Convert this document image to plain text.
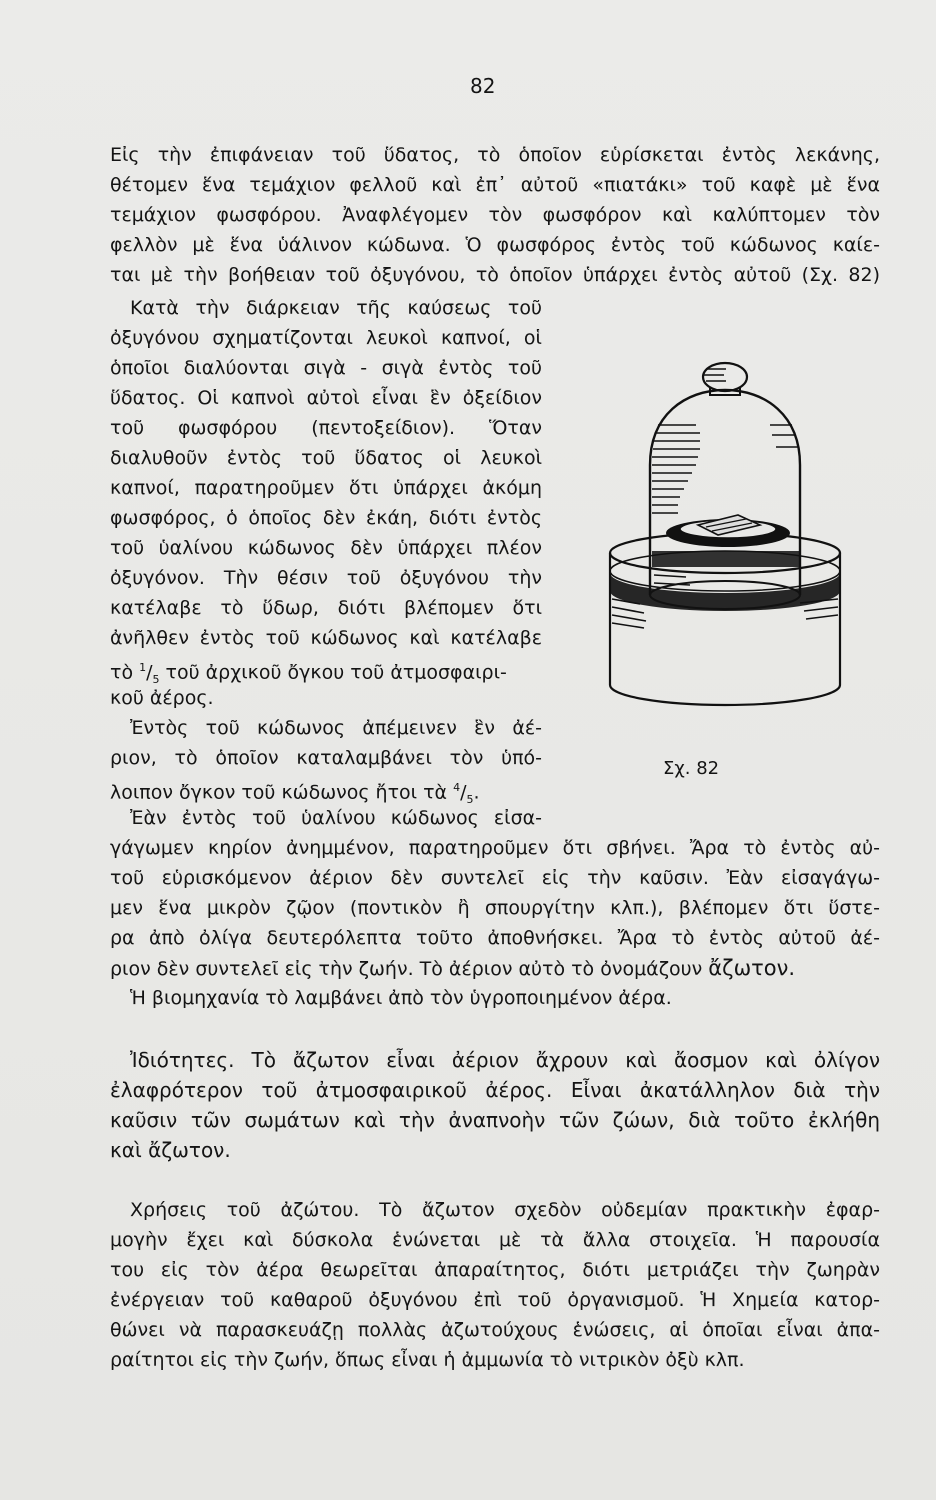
82
Εἰς τὴν ἐπιφάνειαν τοῦ ὕδατος, τὸ ὁποῖον εὑρίσκεται ἐντὸς λεκάνης,
θέτομεν ἕνα τεμάχιον φελλοῦ καὶ ἐπ᾽ αὐτοῦ «πιατάκι» τοῦ καφὲ μὲ ἕνα
τεμάχιον φωσφόρου. Ἀναφλέγομεν τὸν φωσφόρον καὶ καλύπτομεν τὸν
φελλὸν μὲ ἕνα ὑάλινον κώδωνα. Ὁ φωσφόρος ἐντὸς τοῦ κώδωνος καίε-
ται μὲ τὴν βοήθειαν τοῦ ὀξυγόνου, τὸ ὁποῖον ὑπάρχει ἐντὸς αὐτοῦ (Σχ. 82)
Κατὰ τὴν διάρκειαν τῆς καύσεως τοῦ
ὀξυγόνου σχηματίζονται λευκοὶ καπνοί, οἱ
ὁποῖοι διαλύονται σιγὰ - σιγὰ ἐντὸς τοῦ
ὕδατος. Οἱ καπνοὶ αὐτοὶ εἶναι ἓν ὀξείδιον
τοῦ φωσφόρου (πεντοξείδιον). Ὅταν
διαλυθοῦν ἐντὸς τοῦ ὕδατος οἱ λευκοὶ
καπνοί, παρατηροῦμεν ὅτι ὑπάρχει ἀκόμη
φωσφόρος, ὁ ὁποῖος δὲν ἐκάη, διότι ἐντὸς
τοῦ ὑαλίνου κώδωνος δὲν ὑπάρχει πλέον
ὀξυγόνον. Τὴν θέσιν τοῦ ὀξυγόνου τὴν
κατέλαβε τὸ ὕδωρ, διότι βλέπομεν ὅτι
ἀνῆλθεν ἐντὸς τοῦ κώδωνος καὶ κατέλαβε
τὸ $^1/_5$ τοῦ ἀρχικοῦ ὄγκου τοῦ ἀτμοσφαιρι-
κοῦ ἀέρος.
Ἐντὸς τοῦ κώδωνος ἀπέμεινεν ἓν ἀέ-
ριον, τὸ ὁποῖον καταλαμβάνει τὸν ὑπό-
λοιπον ὄγκον τοῦ κώδωνος ἤτοι τὰ $^4/_5$.
Σχ. 82
Ἐὰν ἐντὸς τοῦ ὑαλίνου κώδωνος εἰσα-
γάγωμεν κηρίον ἀνημμένον, παρατηροῦμεν ὅτι σβήνει. Ἄρα τὸ ἐντὸς αὐ-
τοῦ εὑρισκόμενον ἀέριον δὲν συντελεῖ εἰς τὴν καῦσιν. Ἐὰν εἰσαγάγω-
μεν ἕνα μικρὸν ζῷον (ποντικὸν ἢ σπουργίτην κλπ.), βλέπομεν ὅτι ὕστε-
ρα ἀπὸ ὀλίγα δευτερόλεπτα τοῦτο ἀποθνήσκει. Ἄρα τὸ ἐντὸς αὐτοῦ ἀέ-
ριον δὲν συντελεῖ εἰς τὴν ζωήν. Τὸ ἀέριον αὐτὸ τὸ ὀνομάζουν ἄζωτον.
Ἡ βιομηχανία τὸ λαμβάνει ἀπὸ τὸν ὑγροποιημένον ἀέρα.
Ἰδιότητες. Τὸ ἄζωτον εἶναι ἀέριον ἄχρουν καὶ ἄοσμον καὶ ὀλίγον
ἐλαφρότερον τοῦ ἀτμοσφαιρικοῦ ἀέρος. Εἶναι ἀκατάλληλον διὰ τὴν
καῦσιν τῶν σωμάτων καὶ τὴν ἀναπνοὴν τῶν ζώων, διὰ τοῦτο ἐκλήθη
καὶ ἄζωτον.
Χρήσεις τοῦ ἀζώτου. Τὸ ἄζωτον σχεδὸν οὐδεμίαν πρακτικὴν ἐφαρ-
μογὴν ἔχει καὶ δύσκολα ἑνώνεται μὲ τὰ ἄλλα στοιχεῖα. Ἡ παρουσία
του εἰς τὸν ἀέρα θεωρεῖται ἀπαραίτητος, διότι μετριάζει τὴν ζωηρὰν
ἐνέργειαν τοῦ καθαροῦ ὀξυγόνου ἐπὶ τοῦ ὀργανισμοῦ. Ἡ Χημεία κατορ-
θώνει νὰ παρασκευάζῃ πολλὰς ἀζωτούχους ἑνώσεις, αἱ ὁποῖαι εἶναι ἀπα-
ραίτητοι εἰς τὴν ζωήν, ὅπως εἶναι ἡ ἀμμωνία τὸ νιτρικὸν ὀξὺ κλπ.
